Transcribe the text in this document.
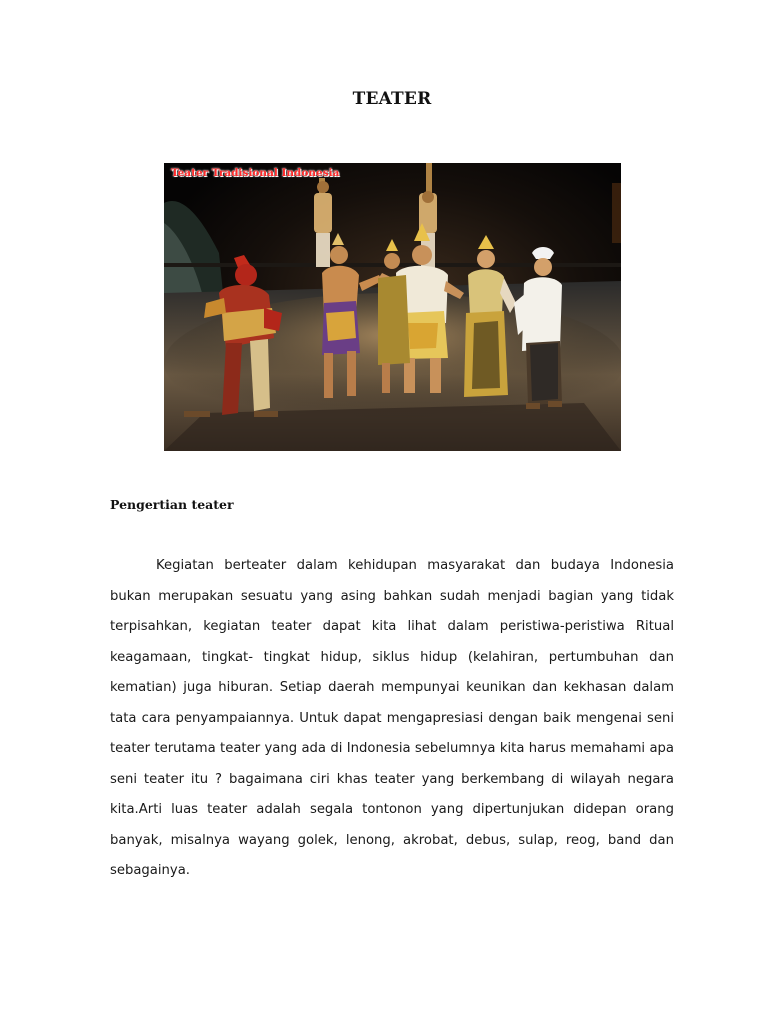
TEATER
Teater Tradisional Indonesia
Pengertian teater

Kegiatan berteater dalam kehidupan masyarakat dan budaya Indonesia bukan merupakan sesuatu yang asing bahkan sudah menjadi bagian yang tidak terpisahkan, kegiatan teater dapat kita lihat dalam peristiwa-peristiwa Ritual keagamaan, tingkat- tingkat hidup, siklus hidup (kelahiran, pertumbuhan dan kematian) juga hiburan. Setiap daerah mempunyai keunikan dan kekhasan dalam tata cara penyampaiannya. Untuk dapat mengapresiasi dengan baik mengenai seni teater terutama teater yang ada di Indonesia sebelumnya kita harus memahami apa seni teater itu ? bagaimana ciri khas teater yang berkembang di wilayah negara kita.Arti luas teater adalah segala tontonon yang dipertunjukan didepan orang banyak, misalnya wayang golek, lenong, akrobat, debus, sulap, reog, band dan sebagainya.
